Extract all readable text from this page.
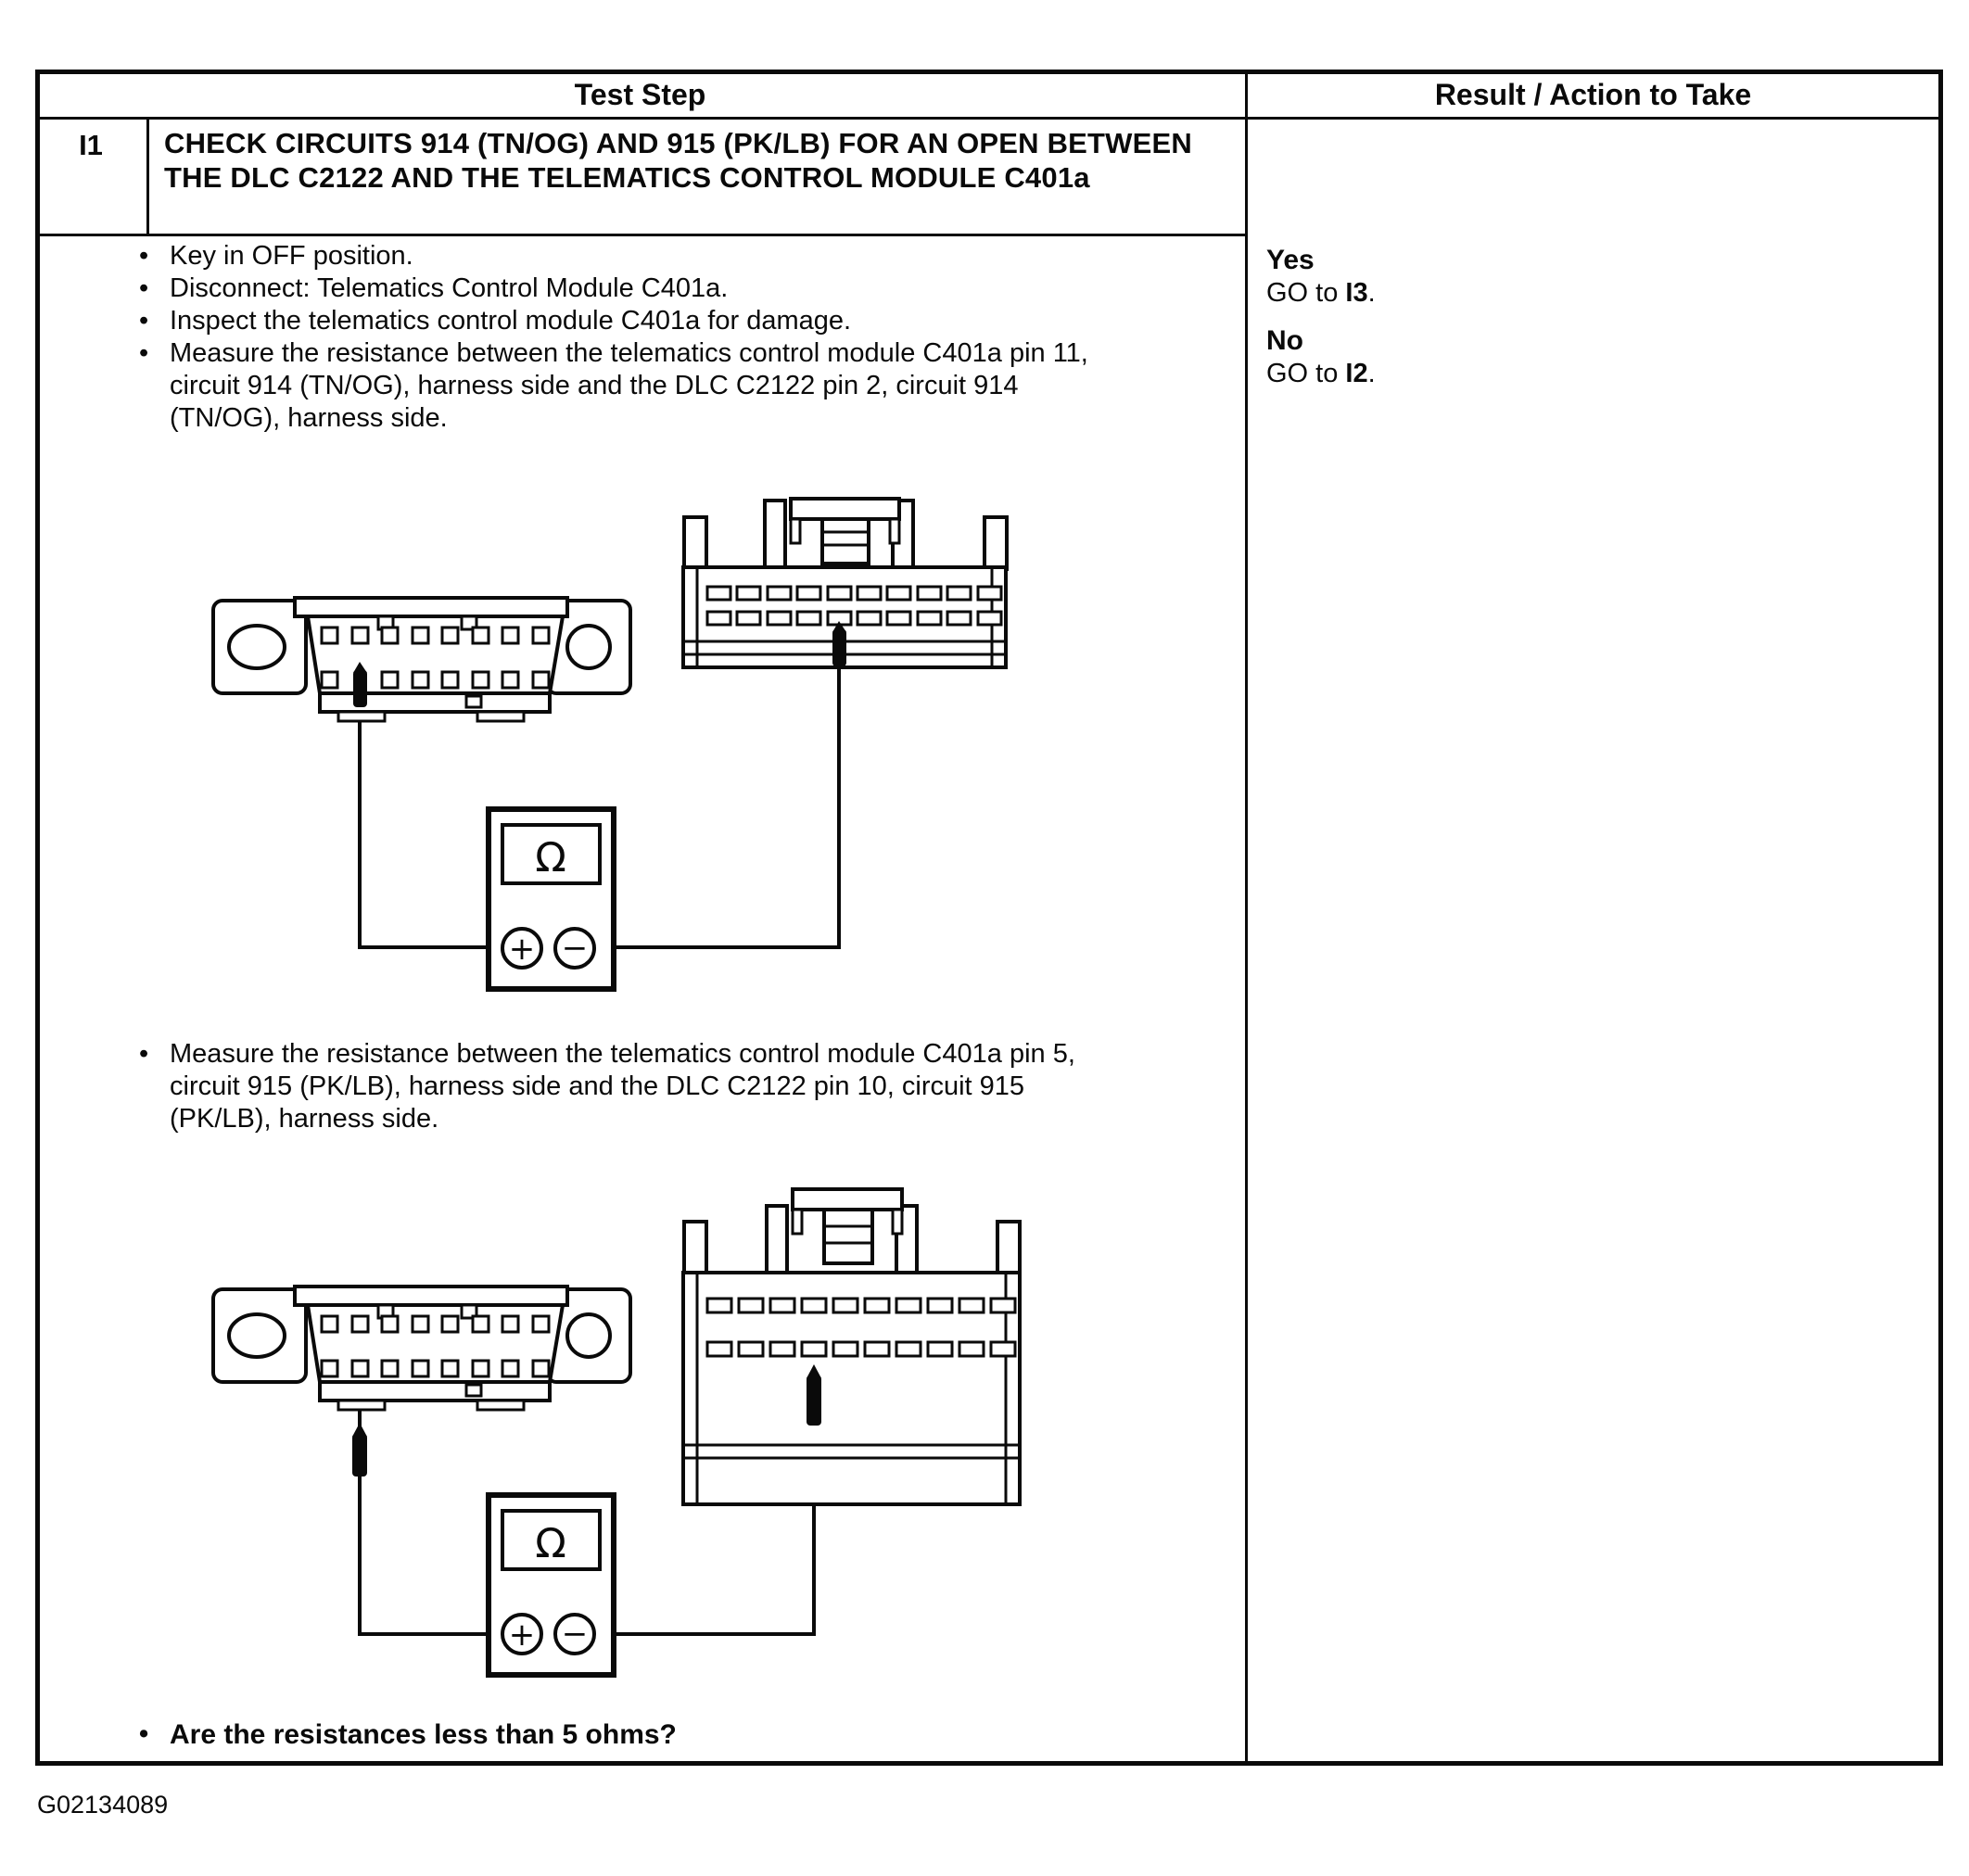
Test Step	Result / Action to Take
I1	CHECK CIRCUITS 914 (TN/OG) AND 915 (PK/LB) FOR AN OPEN BETWEEN THE DLC C2122 AND THE TELEMATICS CONTROL MODULE C401a
•
Key in OFF position.
•
Disconnect: Telematics Control Module C401a.
•
Inspect the telematics control module C401a for damage.
•
Measure the resistance between the telematics control module C401a pin 11, circuit 914 (TN/OG), harness side and the DLC C2122 pin 2, circuit 914 (TN/OG), harness side.
Ω
+ −
•
Measure the resistance between the telematics control module C401a pin 5, circuit 915 (PK/LB), harness side and the DLC C2122 pin 10, circuit 915 (PK/LB), harness side.
Ω
+ −
•
Are the resistances less than 5 ohms?
Yes
GO to I3.
No
GO to I2.
G02134089
